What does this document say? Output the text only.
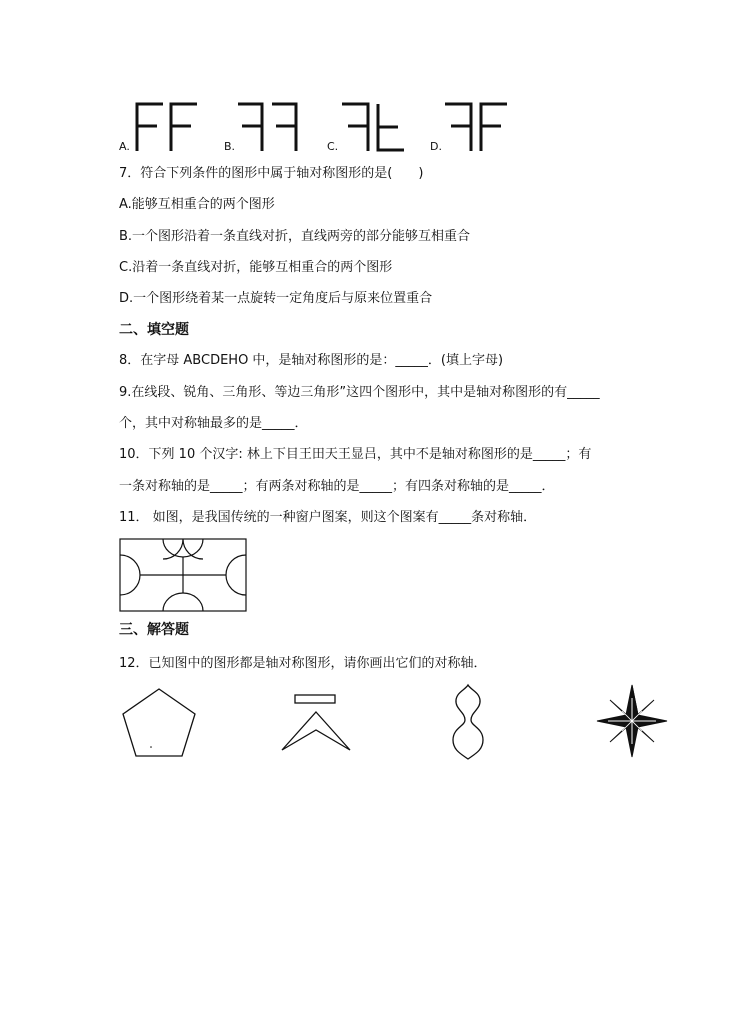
A.	B.	C.	D.
7．符合下列条件的图形中属于轴对称图形的是(　　)
A.能够互相重合的两个图形
B.一个图形沿着一条直线对折，直线两旁的部分能够互相重合
C.沿着一条直线对折，能够互相重合的两个图形
D.一个图形绕着某一点旋转一定角度后与原来位置重合
二、填空题
8．在字母 ABCDEHO 中，是轴对称图形的是：_____．(填上字母)
9.在线段、锐角、三角形、等边三角形”这四个图形中，其中是轴对称图形的有_____
个，其中对称轴最多的是_____．
10．下列 10 个汉字: 林上下目王田天王显吕，其中不是轴对称图形的是_____；有
一条对称轴的是_____；有两条对称轴的是_____；有四条对称轴的是_____．
11． 如图，是我国传统的一种窗户图案，则这个图案有_____条对称轴．
三、解答题
12．已知图中的图形都是轴对称图形，请你画出它们的对称轴．
